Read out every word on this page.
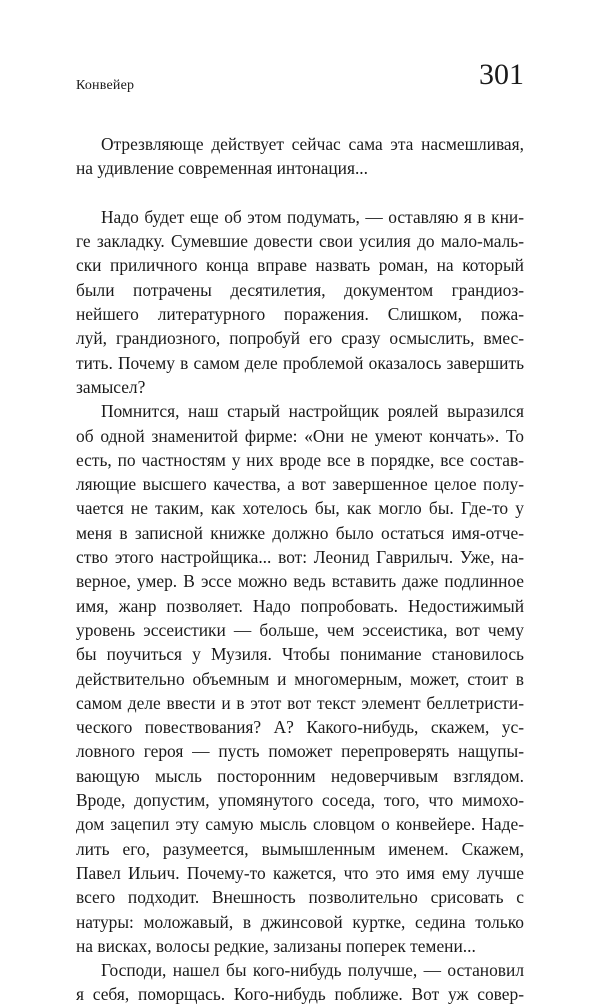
Конвейер	301
Отрезвляюще действует сейчас сама эта насмешливая,
на удивление современная интонация...
Надо будет еще об этом подумать, — оставляю я в кни-
ге закладку. Сумевшие довести свои усилия до мало-маль-
ски приличного конца вправе назвать роман, на который
были потрачены десятилетия, документом грандиоз-
нейшего литературного поражения. Слишком, пожа-
луй, грандиозного, попробуй его сразу осмыслить, вмес-
тить. Почему в самом деле проблемой оказалось завершить
замысел?
Помнится, наш старый настройщик роялей выразился
об одной знаменитой фирме: «Они не умеют кончать». То
есть, по частностям у них вроде все в порядке, все состав-
ляющие высшего качества, а вот завершенное целое полу-
чается не таким, как хотелось бы, как могло бы. Где-то у
меня в записной книжке должно было остаться имя-отче-
ство этого настройщика... вот: Леонид Гаврилыч. Уже, на-
верное, умер. В эссе можно ведь вставить даже подлинное
имя, жанр позволяет. Надо попробовать. Недостижимый
уровень эссеистики — больше, чем эссеистика, вот чему
бы поучиться у Музиля. Чтобы понимание становилось
действительно объемным и многомерным, может, стоит в
самом деле ввести и в этот вот текст элемент беллетристи-
ческого повествования? А? Какого-нибудь, скажем, ус-
ловного героя — пусть поможет перепроверять нащупы-
вающую мысль посторонним недоверчивым взглядом.
Вроде, допустим, упомянутого соседа, того, что мимохо-
дом зацепил эту самую мысль словцом о конвейере. Наде-
лить его, разумеется, вымышленным именем. Скажем,
Павел Ильич. Почему-то кажется, что это имя ему лучше
всего подходит. Внешность позволительно срисовать с
натуры: моложавый, в джинсовой куртке, седина только
на висках, волосы редкие, зализаны поперек темени...
Господи, нашел бы кого-нибудь получше, — остановил
я себя, поморщась. Кого-нибудь поближе. Вот уж совер-
